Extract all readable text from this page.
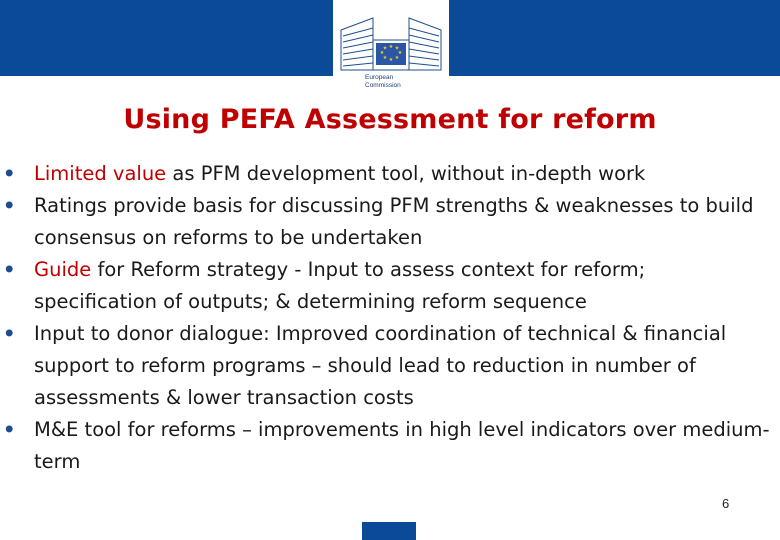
★ ★
★
★
★
★
★
★
European
Commission
Using PEFA Assessment for reform
• Limited value as PFM development tool, without in-depth work
• Ratings provide basis for discussing PFM strengths & weaknesses to build consensus on reforms to be undertaken
• Guide for Reform strategy - Input to assess context for reform; specification of outputs; & determining reform sequence
• Input to donor dialogue: Improved coordination of technical & financial support to reform programs – should lead to reduction in number of assessments & lower transaction costs
• M&E tool for reforms – improvements in high level indicators over medium-term
6
